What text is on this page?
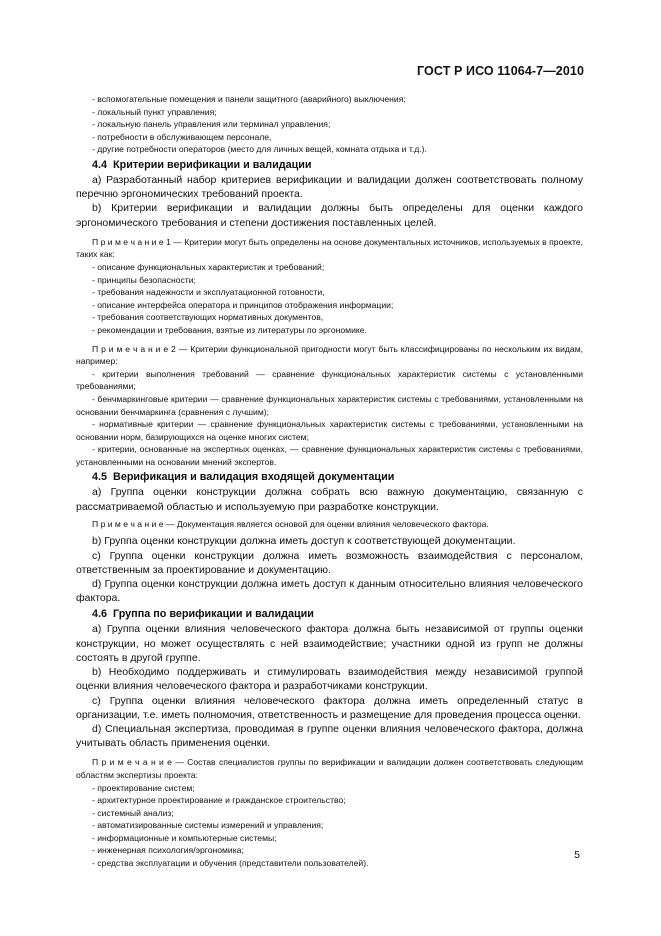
ГОСТ Р ИСО 11064-7—2010

- вспомогательные помещения и панели защитного (аварийного) выключения;

- локальный пункт управления;

- локальную панель управления или терминал управления;

- потребности в обслуживающем персонале,

- другие потребности операторов (место для личных вещей, комната отдыха и т.д.).

4.4 Критерии верификации и валидации

а) Разработанный набор критериев верификации и валидации должен соответствовать полному перечню эргономических требований проекта.

b) Критерии верификации и валидации должны быть определены для оценки каждого эргономического требования и степени достижения поставленных целей.

П р и м е ч а н и е 1 — Критерии могут быть определены на основе документальных источников, используемых в проекте, таких как:

- описание функциональных характеристик и требований;

- принципы безопасности;

- требования надежности и эксплуатационной готовности,

- описание интерфейса оператора и принципов отображения информации;

- требования соответствующих нормативных документов,

- рекомендации и требования, взятые из литературы по эргономике.

П р и м е ч а н и е 2 — Критерии функциональной пригодности могут быть классифицированы по нескольким их видам, например:

- критерии выполнения требований — сравнение функциональных характеристик системы с установленными требованиями;

- бенчмаркинговые критерии — сравнение функциональных характеристик системы с требованиями, установленными на основании бенчмаркинга (сравнения с лучшим);

- нормативные критерии — сравнение функциональных характеристик системы с требованиями, установленными на основании норм, базирующихся на оценке многих систем;

- критерии, основанные на экспертных оценках, — сравнение функциональных характеристик системы с требованиями, установленными на основании мнений экспертов.

4.5 Верификация и валидация входящей документации

а) Группа оценки конструкции должна собрать всю важную документацию, связанную с рассматриваемой областью и используемую при разработке конструкции.

П р и м е ч а н и е — Документация является основой для оценки влияния человеческого фактора.

b) Группа оценки конструкции должна иметь доступ к соответствующей документации.

c) Группа оценки конструкции должна иметь возможность взаимодействия с персоналом, ответственным за проектирование и документацию.

d) Группа оценки конструкции должна иметь доступ к данным относительно влияния человеческого фактора.

4.6 Группа по верификации и валидации

а) Группа оценки влияния человеческого фактора должна быть независимой от группы оценки конструкции, но может осуществлять с ней взаимодействие; участники одной из групп не должны состоять в другой группе.

b) Необходимо поддерживать и стимулировать взаимодействия между независимой группой оценки влияния человеческого фактора и разработчиками конструкции.

c) Группа оценки влияния человеческого фактора должна иметь определенный статус в организации, т.е. иметь полномочия, ответственность и размещение для проведения процесса оценки.

d) Специальная экспертиза, проводимая в группе оценки влияния человеческого фактора, должна учитывать область применения оценки.

П р и м е ч а н и е — Состав специалистов группы по верификации и валидации должен соответствовать следующим областям экспертизы проекта:

- проектирование систем;

- архитектурное проектирование и гражданское строительство;

- системный анализ;

- автоматизированные системы измерений и управления;

- информационные и компьютерные системы;

- инженерная психология/эргономика;

- средства эксплуатации и обучения (представители пользователей).

5
